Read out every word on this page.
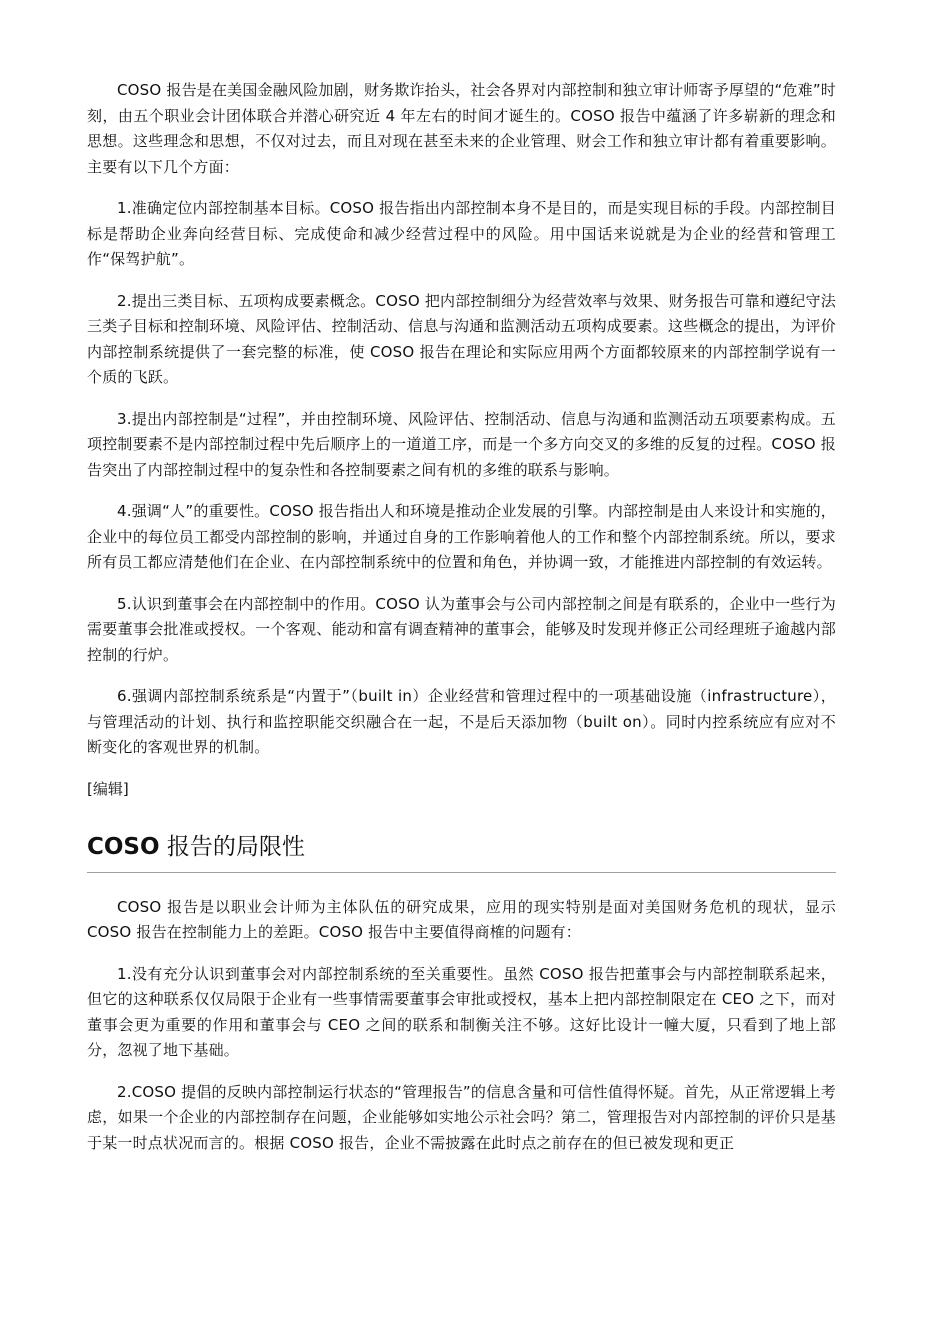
COSO 报告是在美国金融风险加剧，财务欺诈抬头，社会各界对内部控制和独立审计师寄予厚望的“危难”时刻，由五个职业会计团体联合并潜心研究近 4 年左右的时间才诞生的。COSO 报告中蕴涵了许多崭新的理念和思想。这些理念和思想，不仅对过去，而且对现在甚至未来的企业管理、财会工作和独立审计都有着重要影响。主要有以下几个方面：

1.准确定位内部控制基本目标。COSO 报告指出内部控制本身不是目的，而是实现目标的手段。内部控制目标是帮助企业奔向经营目标、完成使命和减少经营过程中的风险。用中国话来说就是为企业的经营和管理工作“保驾护航”。

2.提出三类目标、五项构成要素概念。COSO 把内部控制细分为经营效率与效果、财务报告可靠和遵纪守法三类子目标和控制环境、风险评估、控制活动、信息与沟通和监测活动五项构成要素。这些概念的提出，为评价内部控制系统提供了一套完整的标准，使 COSO 报告在理论和实际应用两个方面都较原来的内部控制学说有一个质的飞跃。

3.提出内部控制是“过程”，并由控制环境、风险评估、控制活动、信息与沟通和监测活动五项要素构成。五项控制要素不是内部控制过程中先后顺序上的一道道工序，而是一个多方向交叉的多维的反复的过程。COSO 报告突出了内部控制过程中的复杂性和各控制要素之间有机的多维的联系与影响。

4.强调“人”的重要性。COSO 报告指出人和环境是推动企业发展的引擎。内部控制是由人来设计和实施的，企业中的每位员工都受内部控制的影响，并通过自身的工作影响着他人的工作和整个内部控制系统。所以，要求所有员工都应清楚他们在企业、在内部控制系统中的位置和角色，并协调一致，才能推进内部控制的有效运转。

5.认识到董事会在内部控制中的作用。COSO 认为董事会与公司内部控制之间是有联系的，企业中一些行为需要董事会批准或授权。一个客观、能动和富有调查精神的董事会，能够及时发现并修正公司经理班子逾越内部控制的行炉。

6.强调内部控制系统系是“内置于”（built in）企业经营和管理过程中的一项基础设施（infrastructure），与管理活动的计划、执行和监控职能交织融合在一起，不是后天添加物（built on）。同时内控系统应有应对不断变化的客观世界的机制。

[编辑]
COSO 报告的局限性

COSO 报告是以职业会计师为主体队伍的研究成果，应用的现实特别是面对美国财务危机的现状，显示 COSO 报告在控制能力上的差距。COSO 报告中主要值得商榷的问题有：

1.没有充分认识到董事会对内部控制系统的至关重要性。虽然 COSO 报告把董事会与内部控制联系起来，但它的这种联系仅仅局限于企业有一些事情需要董事会审批或授权，基本上把内部控制限定在 CEO 之下，而对董事会更为重要的作用和董事会与 CEO 之间的联系和制衡关注不够。这好比设计一幢大厦，只看到了地上部分，忽视了地下基础。

2.COSO 提倡的反映内部控制运行状态的“管理报告”的信息含量和可信性值得怀疑。首先，从正常逻辑上考虑，如果一个企业的内部控制存在问题，企业能够如实地公示社会吗？第二，管理报告对内部控制的评价只是基于某一时点状况而言的。根据 COSO 报告，企业不需披露在此时点之前存在的但已被发现和更正
